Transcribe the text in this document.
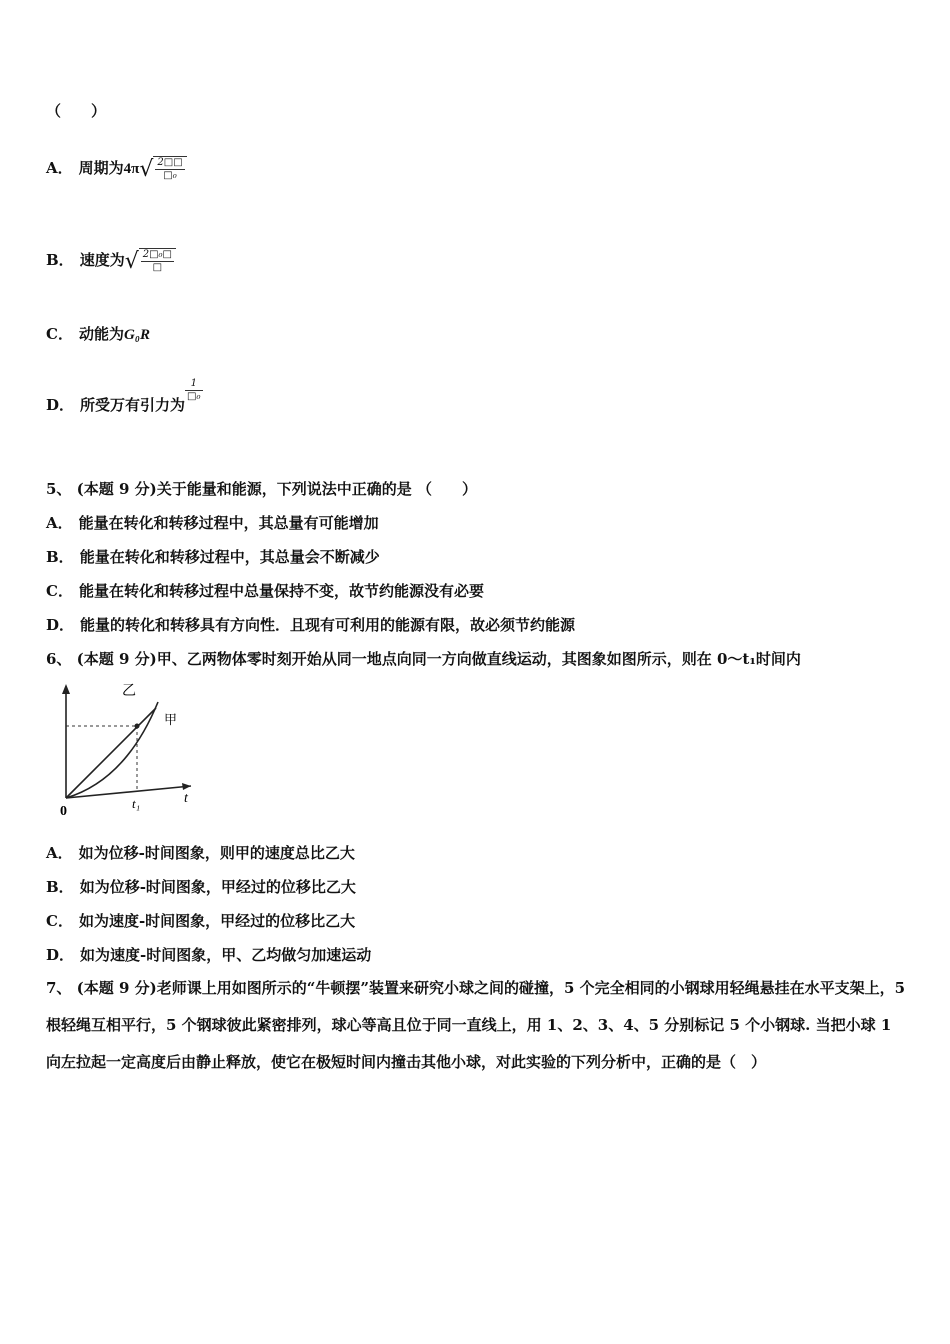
（　　）
A． 周期为$4\pi√ \frac{2□□}{\text{□₀}}$
B． 速度为√ $\frac{\text{2□₀□}}{□}$
C． 动能为G₀R
D． 所受万有引力为
$\frac{1}{\text{□₀}}$
5、 (本题 9 分)关于能量和能源，下列说法中正确的是 （　　）
A． 能量在转化和转移过程中，其总量有可能增加
B． 能量在转化和转移过程中，其总量会不断减少
C． 能量在转化和转移过程中总量保持不变，故节约能源没有必要
D． 能量的转化和转移具有方向性．且现有可利用的能源有限，故必须节约能源
6、 (本题 9 分)甲、乙两物体零时刻开始从同一地点向同一方向做直线运动，其图象如图所示，则在 0～t₁时间内
乙
甲
0
t₁	t
A． 如为位移-时间图象，则甲的速度总比乙大
B． 如为位移-时间图象，甲经过的位移比乙大
C． 如为速度-时间图象，甲经过的位移比乙大
D． 如为速度-时间图象，甲、乙均做匀加速运动
7、 (本题 9 分)老师课上用如图所示的“牛顿摆”装置来研究小球之间的碰撞，5 个完全相同的小钢球用轻绳悬挂在水平支架上，5 根轻绳互相平行，5 个钢球彼此紧密排列，球心等高且位于同一直线上，用 1、2、3、4、5 分别标记 5 个小钢球. 当把小球 1 向左拉起一定高度后由静止释放，使它在极短时间内撞击其他小球，对此实验的下列分析中，正确的是（　）
